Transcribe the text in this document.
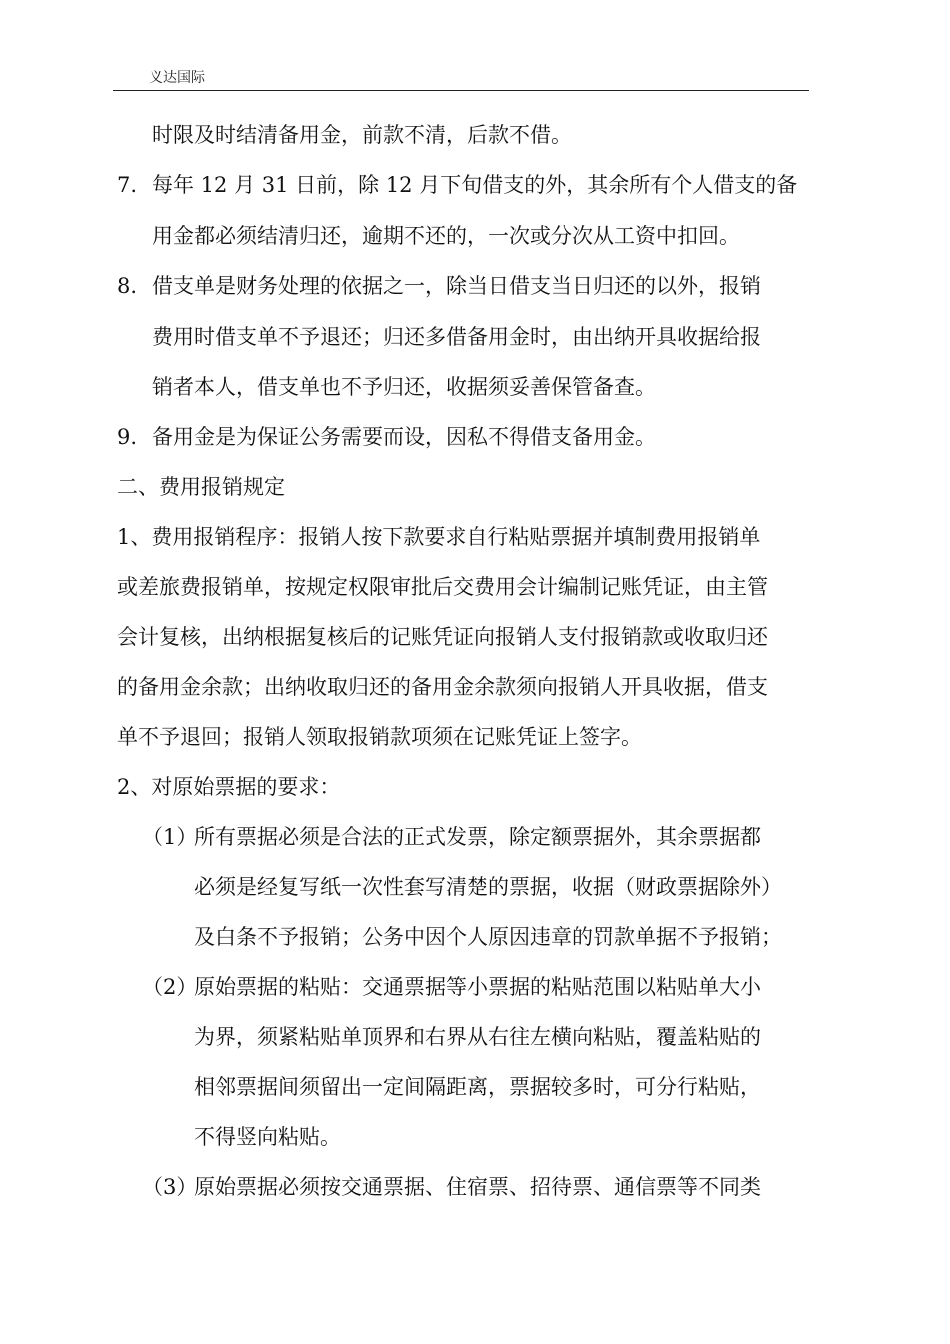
义达国际
时限及时结清备用金，前款不清，后款不借。
7. 每年 12 月 31 日前，除 12 月下旬借支的外，其余所有个人借支的备
用金都必须结清归还，逾期不还的，一次或分次从工资中扣回。
8. 借支单是财务处理的依据之一，除当日借支当日归还的以外，报销
费用时借支单不予退还；归还多借备用金时，由出纳开具收据给报
销者本人，借支单也不予归还，收据须妥善保管备查。
9. 备用金是为保证公务需要而设，因私不得借支备用金。
二、费用报销规定
1、费用报销程序：报销人按下款要求自行粘贴票据并填制费用报销单
或差旅费报销单，按规定权限审批后交费用会计编制记账凭证，由主管
会计复核，出纳根据复核后的记账凭证向报销人支付报销款或收取归还
的备用金余款；出纳收取归还的备用金余款须向报销人开具收据，借支
单不予退回；报销人领取报销款项须在记账凭证上签字。
2、对原始票据的要求：
（1）
所有票据必须是合法的正式发票，除定额票据外，其余票据都
必须是经复写纸一次性套写清楚的票据，收据（财政票据除外）
及白条不予报销；公务中因个人原因违章的罚款单据不予报销；
（2）
原始票据的粘贴：交通票据等小票据的粘贴范围以粘贴单大小
为界，须紧粘贴单顶界和右界从右往左横向粘贴，覆盖粘贴的
相邻票据间须留出一定间隔距离，票据较多时，可分行粘贴，
不得竖向粘贴。
（3）
原始票据必须按交通票据、住宿票、招待票、通信票等不同类
